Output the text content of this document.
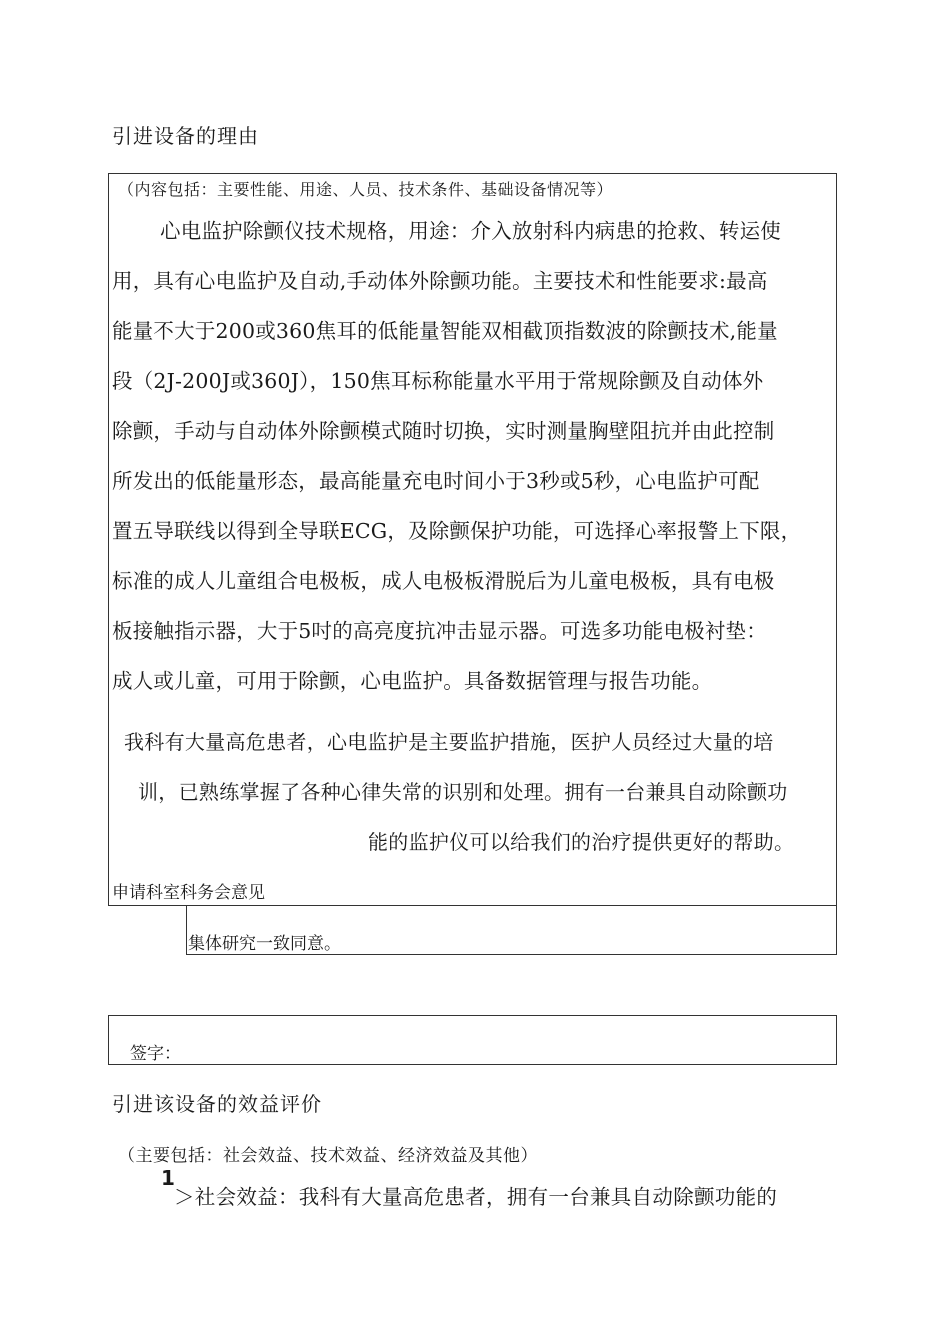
引进设备的理由
（内容包括：主要性能、用途、人员、技术条件、基础设备情况等）
心电监护除颤仪技术规格，用途：介入放射科内病患的抢救、转运使
用，具有心电监护及自动,手动体外除颤功能。主要技术和性能要求:最高
能量不大于200或360焦耳的低能量智能双相截顶指数波的除颤技术,能量
段（2J-200J或360J），150焦耳标称能量水平用于常规除颤及自动体外
除颤，手动与自动体外除颤模式随时切换，实时测量胸壁阻抗并由此控制
所发出的低能量形态，最高能量充电时间小于3秒或5秒，心电监护可配
置五导联线以得到全导联ECG，及除颤保护功能，可选择心率报警上下限，
标准的成人儿童组合电极板，成人电极板滑脱后为儿童电极板，具有电极
板接触指示器，大于5吋的高亮度抗冲击显示器。可选多功能电极衬垫：
成人或儿童，可用于除颤，心电监护。具备数据管理与报告功能。
我科有大量高危患者，心电监护是主要监护措施，医护人员经过大量的培
训，已熟练掌握了各种心律失常的识别和处理。拥有一台兼具自动除颤功
能的监护仪可以给我们的治疗提供更好的帮助。
申请科室科务会意见
集体研究一致同意。
签字：
引进该设备的效益评价
（主要包括：社会效益、技术效益、经济效益及其他）
1
＞社会效益：我科有大量高危患者，拥有一台兼具自动除颤功能的
